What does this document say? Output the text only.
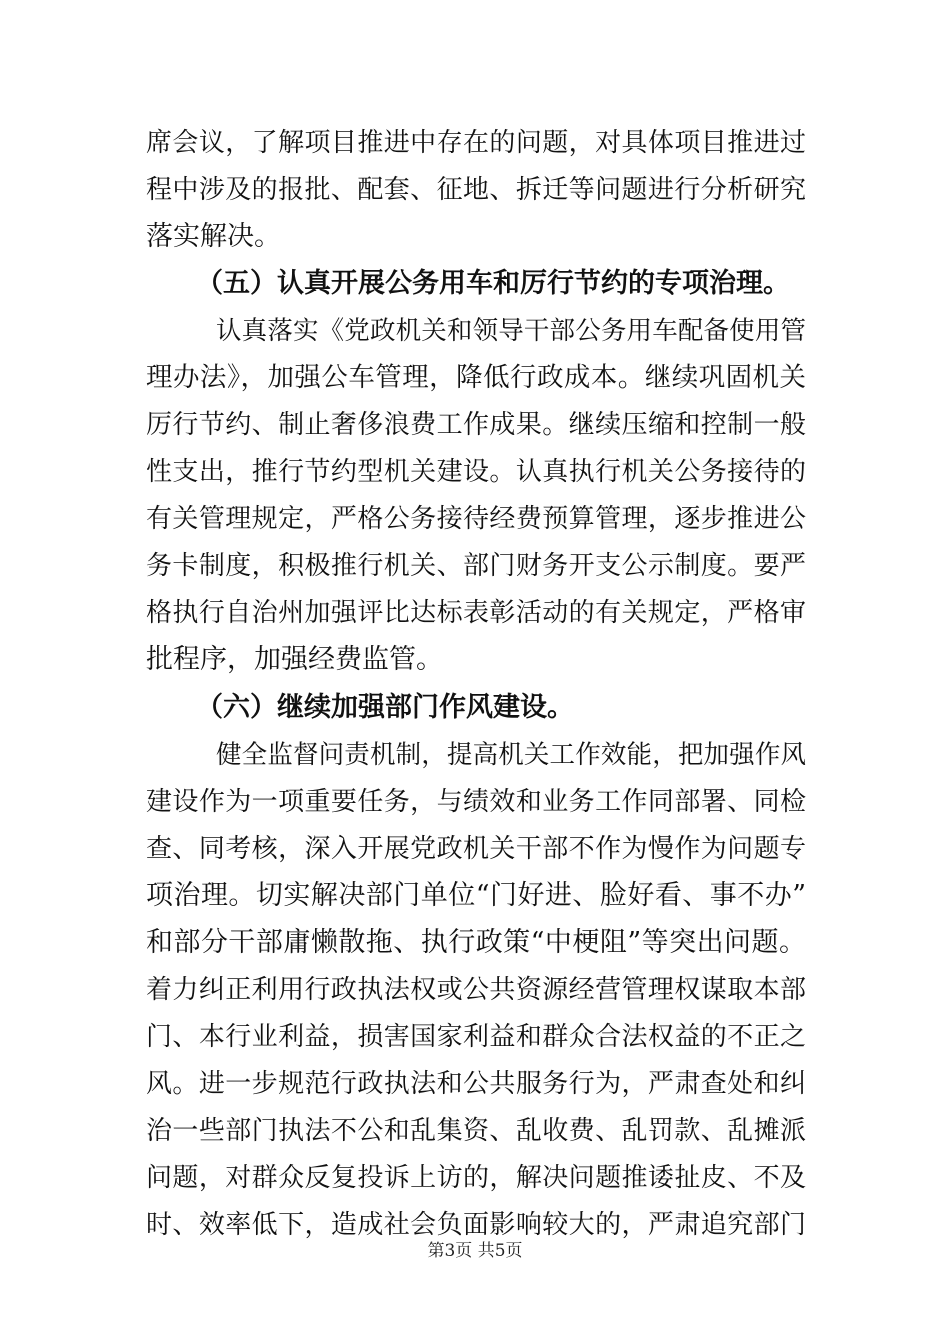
席会议，了解项目推进中存在的问题，对具体项目推进过
程中涉及的报批、配套、征地、拆迁等问题进行分析研究
落实解决。
（五）认真开展公务用车和厉行节约的专项治理。
认真落实《党政机关和领导干部公务用车配备使用管
理办法》，加强公车管理，降低行政成本。继续巩固机关
厉行节约、制止奢侈浪费工作成果。继续压缩和控制一般
性支出，推行节约型机关建设。认真执行机关公务接待的
有关管理规定，严格公务接待经费预算管理，逐步推进公
务卡制度，积极推行机关、部门财务开支公示制度。要严
格执行自治州加强评比达标表彰活动的有关规定，严格审
批程序，加强经费监管。
（六）继续加强部门作风建设。
健全监督问责机制，提高机关工作效能，把加强作风
建设作为一项重要任务，与绩效和业务工作同部署、同检
查、同考核，深入开展党政机关干部不作为慢作为问题专
项治理。切实解决部门单位“门好进、脸好看、事不办”
和部分干部庸懒散拖、执行政策“中梗阻”等突出问题。
着力纠正利用行政执法权或公共资源经营管理权谋取本部
门、本行业利益，损害国家利益和群众合法权益的不正之
风。进一步规范行政执法和公共服务行为，严肃查处和纠
治一些部门执法不公和乱集资、乱收费、乱罚款、乱摊派
问题，对群众反复投诉上访的，解决问题推诿扯皮、不及
时、效率低下，造成社会负面影响较大的，严肃追究部门
第3页 共5页
